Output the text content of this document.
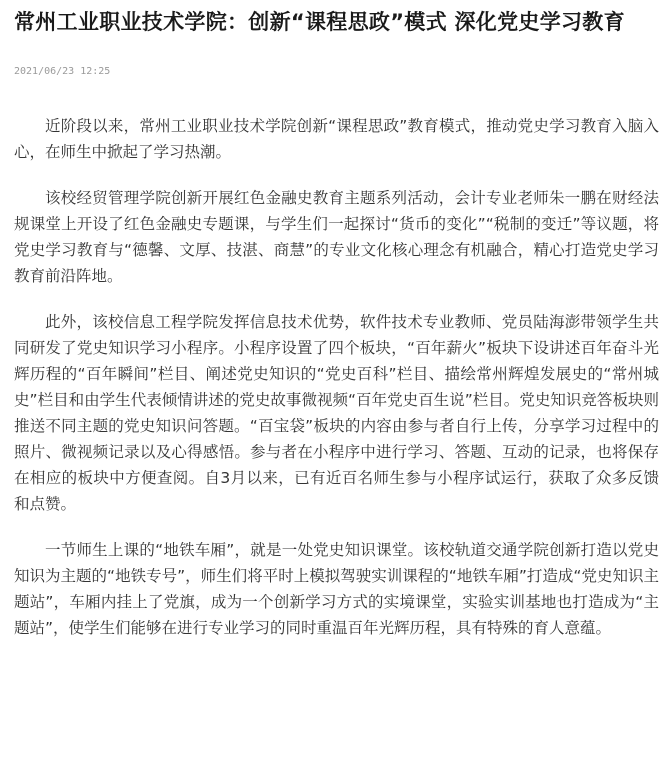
常州工业职业技术学院：创新“课程思政”模式 深化党史学习教育
2021/06/23 12:25

近阶段以来，常州工业职业技术学院创新“课程思政”教育模式，推动党史学习教育入脑入心，在师生中掀起了学习热潮。

该校经贸管理学院创新开展红色金融史教育主题系列活动，会计专业老师朱一鹏在财经法规课堂上开设了红色金融史专题课，与学生们一起探讨“货币的变化”“税制的变迁”等议题，将党史学习教育与“德馨、文厚、技湛、商慧”的专业文化核心理念有机融合，精心打造党史学习教育前沿阵地。

此外，该校信息工程学院发挥信息技术优势，软件技术专业教师、党员陆海澎带领学生共同研发了党史知识学习小程序。小程序设置了四个板块，“百年薪火”板块下设讲述百年奋斗光辉历程的“百年瞬间”栏目、阐述党史知识的“党史百科”栏目、描绘常州辉煌发展史的“常州城史”栏目和由学生代表倾情讲述的党史故事微视频“百年党史百生说”栏目。党史知识竞答板块则推送不同主题的党史知识问答题。“百宝袋”板块的内容由参与者自行上传，分享学习过程中的照片、微视频记录以及心得感悟。参与者在小程序中进行学习、答题、互动的记录，也将保存在相应的板块中方便查阅。自3月以来，已有近百名师生参与小程序试运行，获取了众多反馈和点赞。

一节师生上课的“地铁车厢”，就是一处党史知识课堂。该校轨道交通学院创新打造以党史知识为主题的“地铁专号”，师生们将平时上模拟驾驶实训课程的“地铁车厢”打造成“党史知识主题站”，车厢内挂上了党旗，成为一个创新学习方式的实境课堂，实验实训基地也打造成为“主题站”，使学生们能够在进行专业学习的同时重温百年光辉历程，具有特殊的育人意蕴。
